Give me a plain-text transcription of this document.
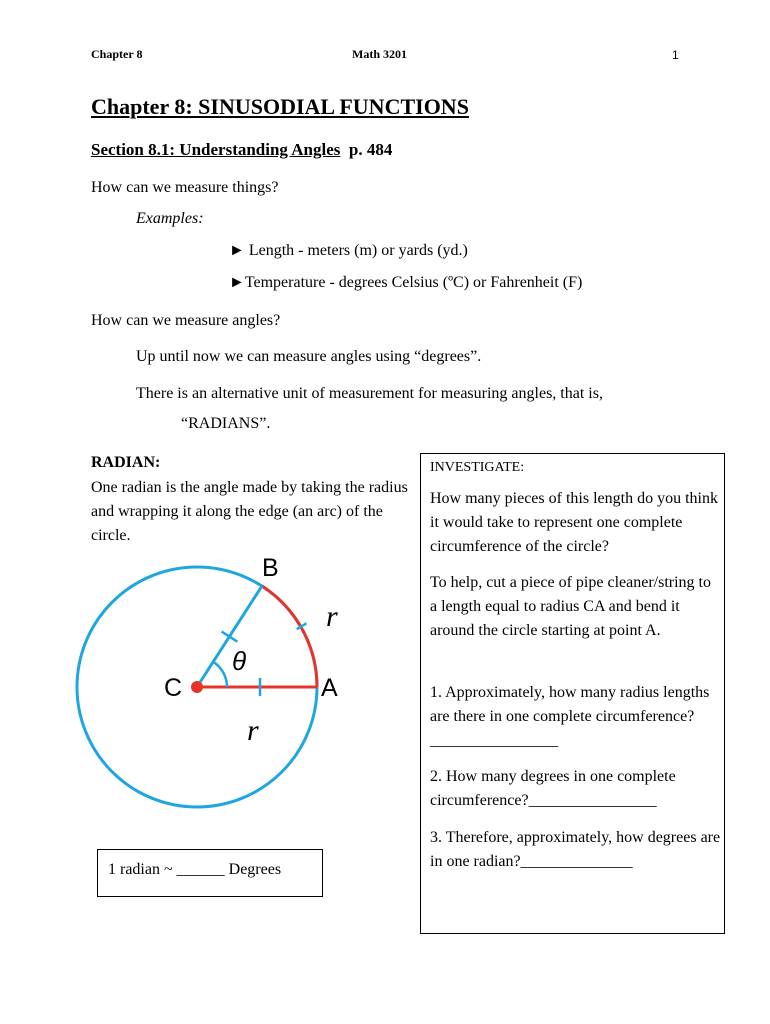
Chapter 8	Math 3201	1
Chapter 8: SINUSODIAL FUNCTIONS
Section 8.1: Understanding Angles p. 484
How can we measure things?
Examples:
► Length - meters (m) or yards (yd.)
►Temperature - degrees Celsius (ºC) or Fahrenheit (F)
How can we measure angles?
Up until now we can measure angles using “degrees”.
There is an alternative unit of measurement for measuring angles, that is,
“RADIANS”.
RADIAN:
One radian is the angle made by taking the radius and wrapping it along the edge (an arc) of the circle.
B
C	A
θ
r
r
1 radian ~ ______ Degrees
INVESTIGATE:
How many pieces of this length do you think it would take to represent one complete circumference of the circle?
To help, cut a piece of pipe cleaner/string to a length equal to radius CA and bend it around the circle starting at point A.
1. Approximately, how many radius lengths are there in one complete circumference?________________
2. How many degrees in one complete circumference?________________
3. Therefore, approximately, how degrees are in one radian?______________
